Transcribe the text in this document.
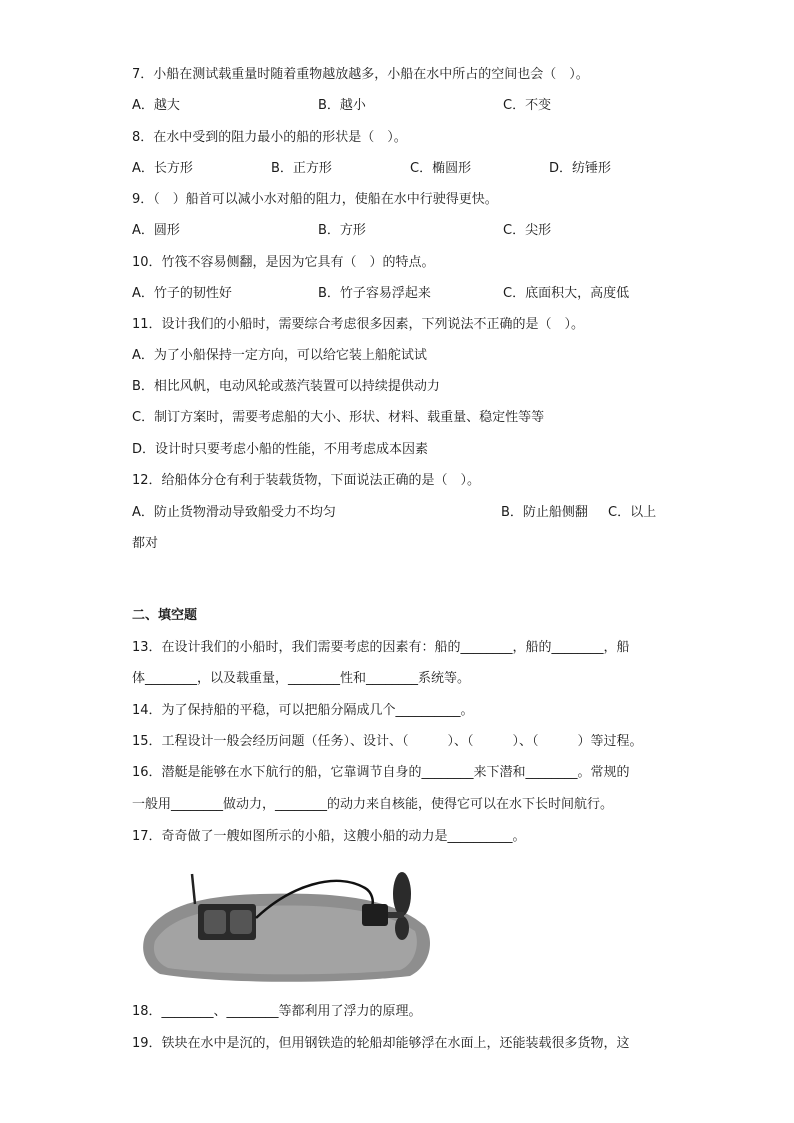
7．小船在测试载重量时随着重物越放越多，小船在水中所占的空间也会（　）。
A．越大	B．越小	C．不变
8．在水中受到的阻力最小的船的形状是（　）。
A．长方形	B．正方形	C．椭圆形	D．纺锤形
9．（　）船首可以减小水对船的阻力，使船在水中行驶得更快。
A．圆形	B．方形	C．尖形
10．竹筏不容易侧翻，是因为它具有（　）的特点。
A．竹子的韧性好	B．竹子容易浮起来	C．底面积大，高度低
11．设计我们的小船时，需要综合考虑很多因素，下列说法不正确的是（　）。
A．为了小船保持一定方向，可以给它装上船舵试试
B．相比风帆，电动风轮或蒸汽装置可以持续提供动力
C．制订方案时，需要考虑船的大小、形状、材料、载重量、稳定性等等
D．设计时只要考虑小船的性能，不用考虑成本因素
12．给船体分仓有利于装载货物，下面说法正确的是（　）。
A．防止货物滑动导致船受力不均匀	B．防止船侧翻 C．以上
都对
二、填空题
13．在设计我们的小船时，我们需要考虑的因素有：船的________，船的________，船
体________，以及载重量，________性和________系统等。
14．为了保持船的平稳，可以把船分隔成几个__________。
15．工程设计一般会经历问题（任务）、设计、（　　　）、（　　　）、（　　　）等过程。
16．潜艇是能够在水下航行的船，它靠调节自身的________来下潜和________。常规的
一般用________做动力，________的动力来自核能，使得它可以在水下长时间航行。
17．奇奇做了一艘如图所示的小船，这艘小船的动力是__________。
18．________、________等都利用了浮力的原理。
19．铁块在水中是沉的，但用钢铁造的轮船却能够浮在水面上，还能装载很多货物，这
